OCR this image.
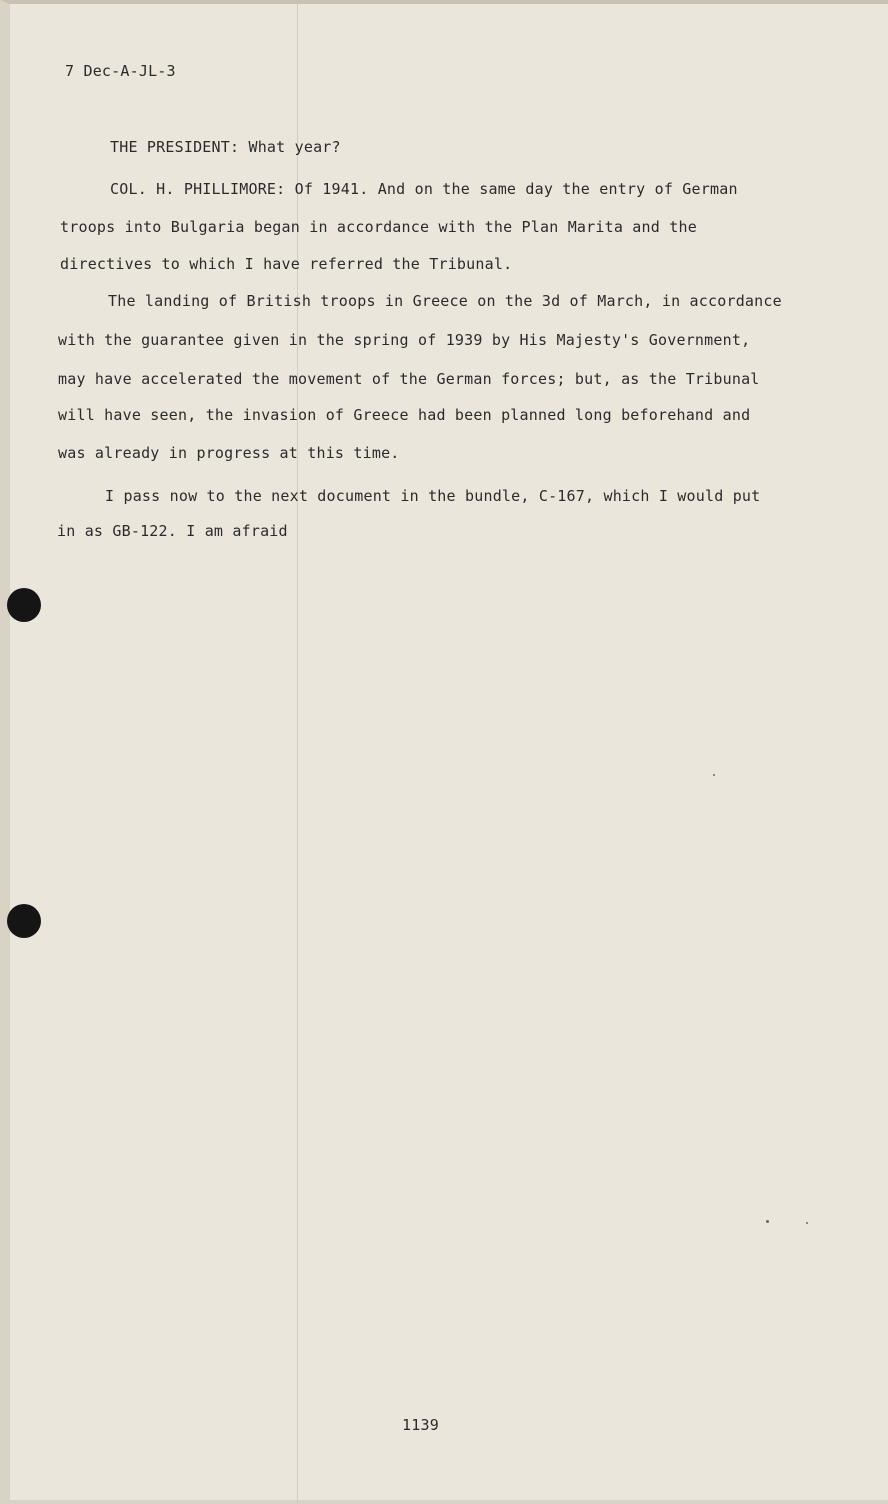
7 Dec-A-JL-3
THE PRESIDENT: What year?
COL. H. PHILLIMORE: Of 1941. And on the same day the entry of German
troops into Bulgaria began in accordance with the Plan Marita and the
directives to which I have referred the Tribunal.
The landing of British troops in Greece on the 3d of March, in accordance
with the guarantee given in the spring of 1939 by His Majesty's Government,
may have accelerated the movement of the German forces; but, as the Tribunal
will have seen, the invasion of Greece had been planned long beforehand and
was already in progress at this time.
I pass now to the next document in the bundle, C-167, which I would put
in as GB-122. I am afraid
1139
